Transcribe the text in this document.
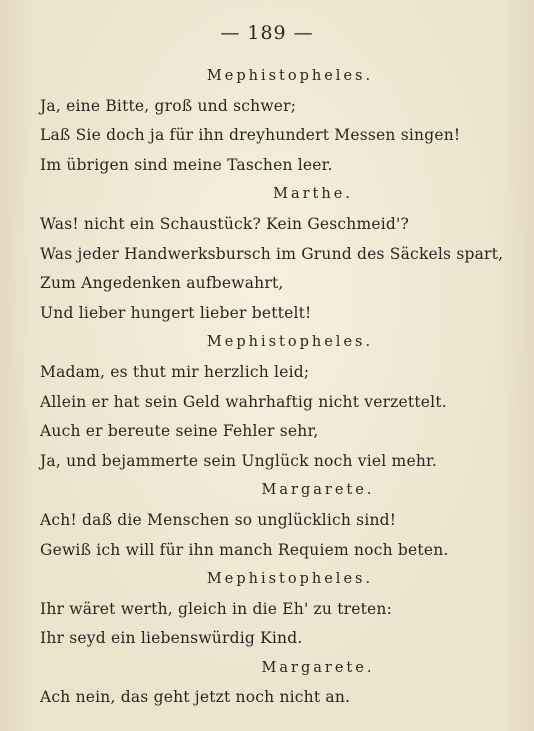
— 189 —
Mephistopheles.
Ja, eine Bitte, groß und schwer;
Laß Sie doch ja für ihn dreyhundert Messen singen!
Im übrigen sind meine Taschen leer.
Marthe.
Was! nicht ein Schaustück? Kein Geschmeid'?
Was jeder Handwerksbursch im Grund des Säckels spart,
Zum Angedenken aufbewahrt,
Und lieber hungert lieber bettelt!
Mephistopheles.
Madam, es thut mir herzlich leid;
Allein er hat sein Geld wahrhaftig nicht verzettelt.
Auch er bereute seine Fehler sehr,
Ja, und bejammerte sein Unglück noch viel mehr.
Margarete.
Ach! daß die Menschen so unglücklich sind!
Gewiß ich will für ihn manch Requiem noch beten.
Mephistopheles.
Ihr wäret werth, gleich in die Eh' zu treten:
Ihr seyd ein liebenswürdig Kind.
Margarete.
Ach nein, das geht jetzt noch nicht an.
